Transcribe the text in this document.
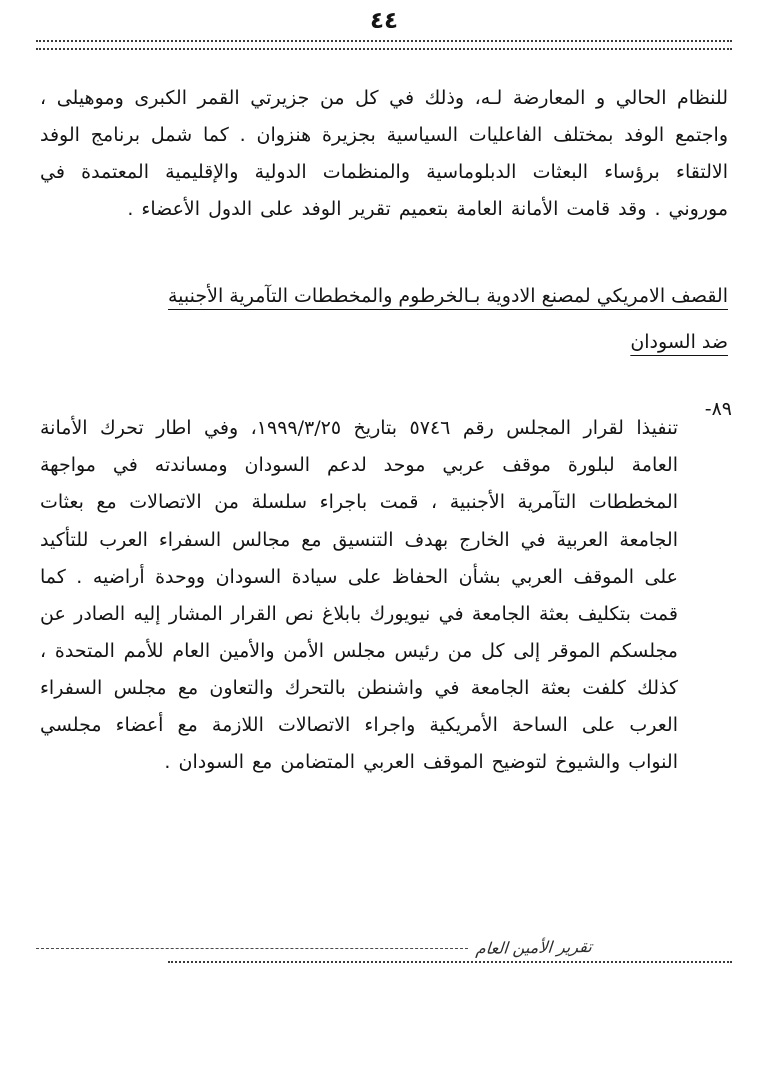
٤٤

للنظام الحالي و المعارضة لـه، وذلك في كل من جزيرتي القمر الكبرى وموهيلى ، واجتمع الوفد بمختلف الفاعليات السياسية بجزيرة هنزوان . كما شمل برنامج الوفد الالتقاء برؤساء البعثات الدبلوماسية والمنظمات الدولية والإقليمية المعتمدة في موروني . وقد قامت الأمانة العامة بتعميم تقرير الوفد على الدول الأعضاء .

القصف الامريكي لمصنع الادوية بـالخرطوم والمخططات التآمرية الأجنبية
ضد السودان
٨٩-

تنفيذا لقرار المجلس رقم ٥٧٤٦ بتاريخ ١٩٩٩/٣/٢٥، وفي اطار تحرك الأمانة العامة لبلورة موقف عربي موحد لدعم السودان ومساندته في مواجهة المخططات التآمرية الأجنبية ، قمت باجراء سلسلة من الاتصالات مع بعثات الجامعة العربية في الخارج بهدف التنسيق مع مجالس السفراء العرب للتأكيد على الموقف العربي بشأن الحفاظ على سيادة السودان ووحدة أراضيه . كما قمت بتكليف بعثة الجامعة في نيويورك بابلاغ نص القرار المشار إليه الصادر عن مجلسكم الموقر إلى كل من رئيس مجلس الأمن والأمين العام للأمم المتحدة ، كذلك كلفت بعثة الجامعة في واشنطن بالتحرك والتعاون مع مجلس السفراء العرب على الساحة الأمريكية واجراء الاتصالات اللازمة مع أعضاء مجلسي النواب والشيوخ لتوضيح الموقف العربي المتضامن مع السودان .

تقرير الأمين العام
